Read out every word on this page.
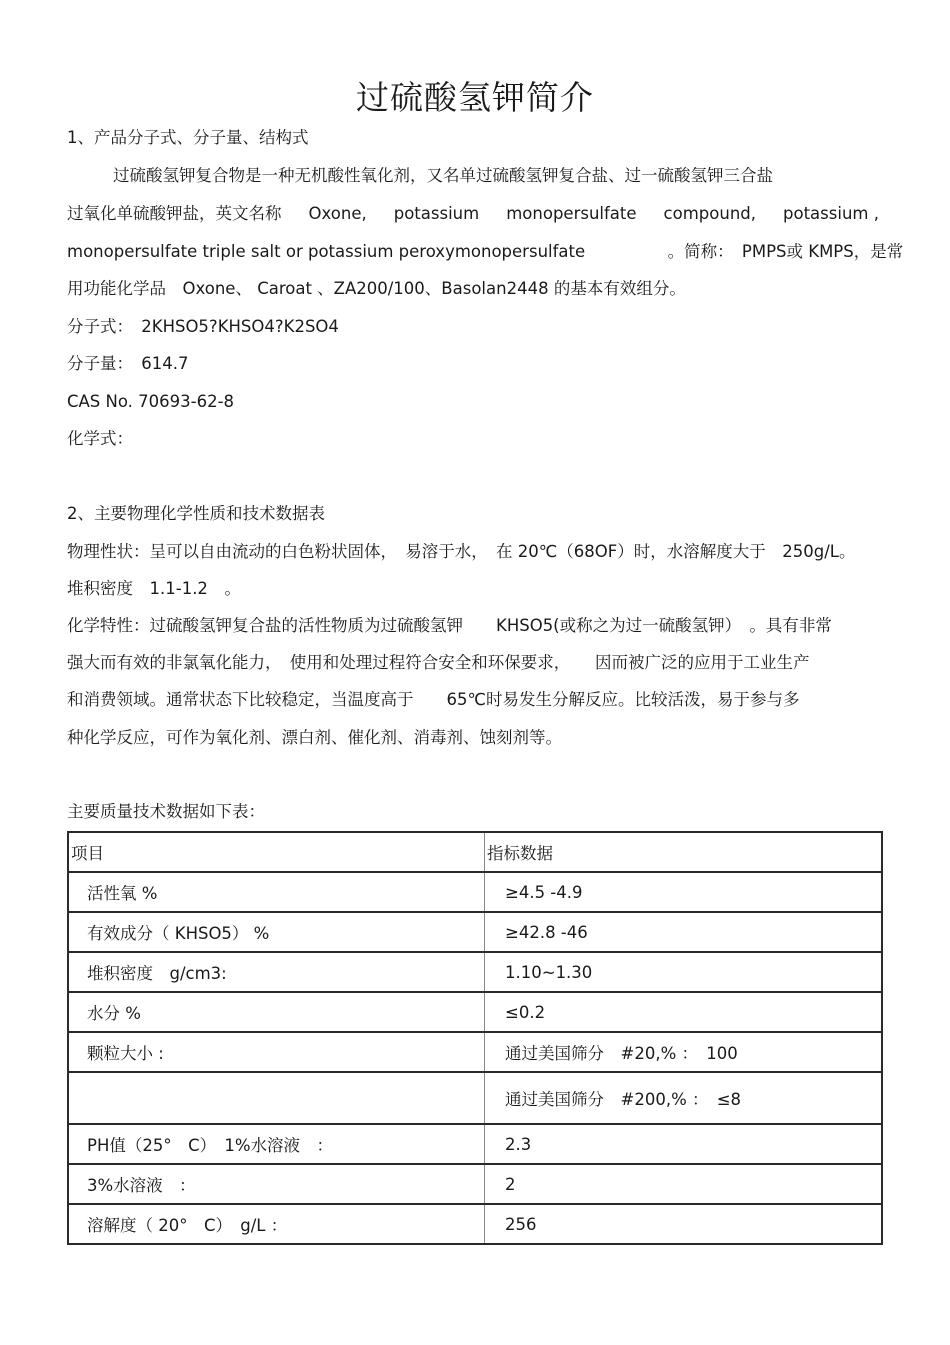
过硫酸氢钾简介
1、产品分子式、分子量、结构式
过硫酸氢钾复合物是一种无机酸性氧化剂，又名单过硫酸氢钾复合盐、过一硫酸氢钾三合盐
过氧化单硫酸钾盐，英文名称 Oxone, potassium monopersulfate compound, potassium ,
monopersulfate triple salt or potassium peroxymonopersulfate　　　　　。简称：　PMPS或 KMPS，是常
用功能化学品　Oxone、 Caroat 、ZA200/100、Basolan2448 的基本有效组分。
分子式：　2KHSO5?KHSO4?K2SO4
分子量：　614.7
CAS No. 70693-62-8
化学式：
2、主要物理化学性质和技术数据表
物理性状：呈可以自由流动的白色粉状固体，　易溶于水，　在 20℃（68OF）时，水溶解度大于　250g/L。
堆积密度　1.1-1.2　。
化学特性：过硫酸氢钾复合盐的活性物质为过硫酸氢钾　　KHSO5(或称之为过一硫酸氢钾）　。具有非常
强大而有效的非氯氧化能力，　使用和处理过程符合安全和环保要求，　　因而被广泛的应用于工业生产
和消费领域。通常状态下比较稳定，当温度高于　　65℃时易发生分解反应。比较活泼，易于参与多
种化学反应，可作为氧化剂、漂白剂、催化剂、消毒剂、蚀刻剂等。
主要质量技术数据如下表：
项目	指标数据
活性氧 %	≥4.5 -4.9
有效成分（ KHSO5） %	≥42.8 -46
堆积密度　g/cm3:	1.10~1.30
水分 %	≤0.2
颗粒大小 :	通过美国筛分　#20,% ：　100
	通过美国筛分　#200,% ：　≤8
PH值（25°　C）　1%水溶液　：	2.3
3%水溶液　：	2
溶解度（ 20°　C）　g/L ：	256
